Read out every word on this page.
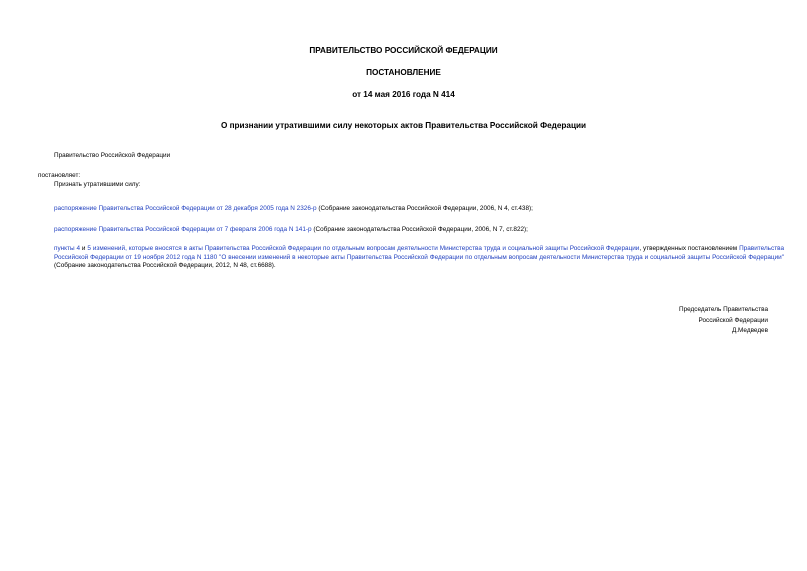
ПРАВИТЕЛЬСТВО РОССИЙСКОЙ ФЕДЕРАЦИИ
ПОСТАНОВЛЕНИЕ
от 14 мая 2016 года N 414
О признании утратившими силу некоторых актов Правительства Российской Федерации
Правительство Российской Федерации
постановляет:
Признать утратившими силу:
распоряжение Правительства Российской Федерации от 28 декабря 2005 года N 2326-р (Собрание законодательства Российской Федерации, 2006, N 4, ст.438);
распоряжение Правительства Российской Федерации от 7 февраля 2006 года N 141-р (Собрание законодательства Российской Федерации, 2006, N 7, ст.822);
пункты 4 и 5 изменений, которые вносятся в акты Правительства Российской Федерации по отдельным вопросам деятельности Министерства труда и социальной защиты Российской Федерации, утвержденных постановлением Правительства Российской Федерации от 19 ноября 2012 года N 1180 "О внесении изменений в некоторые акты Правительства Российской Федерации по отдельным вопросам деятельности Министерства труда и социальной защиты Российской Федерации" (Собрание законодательства Российской Федерации, 2012, N 48, ст.6688).
Председатель Правительства
Российской Федерации
Д.Медведев
